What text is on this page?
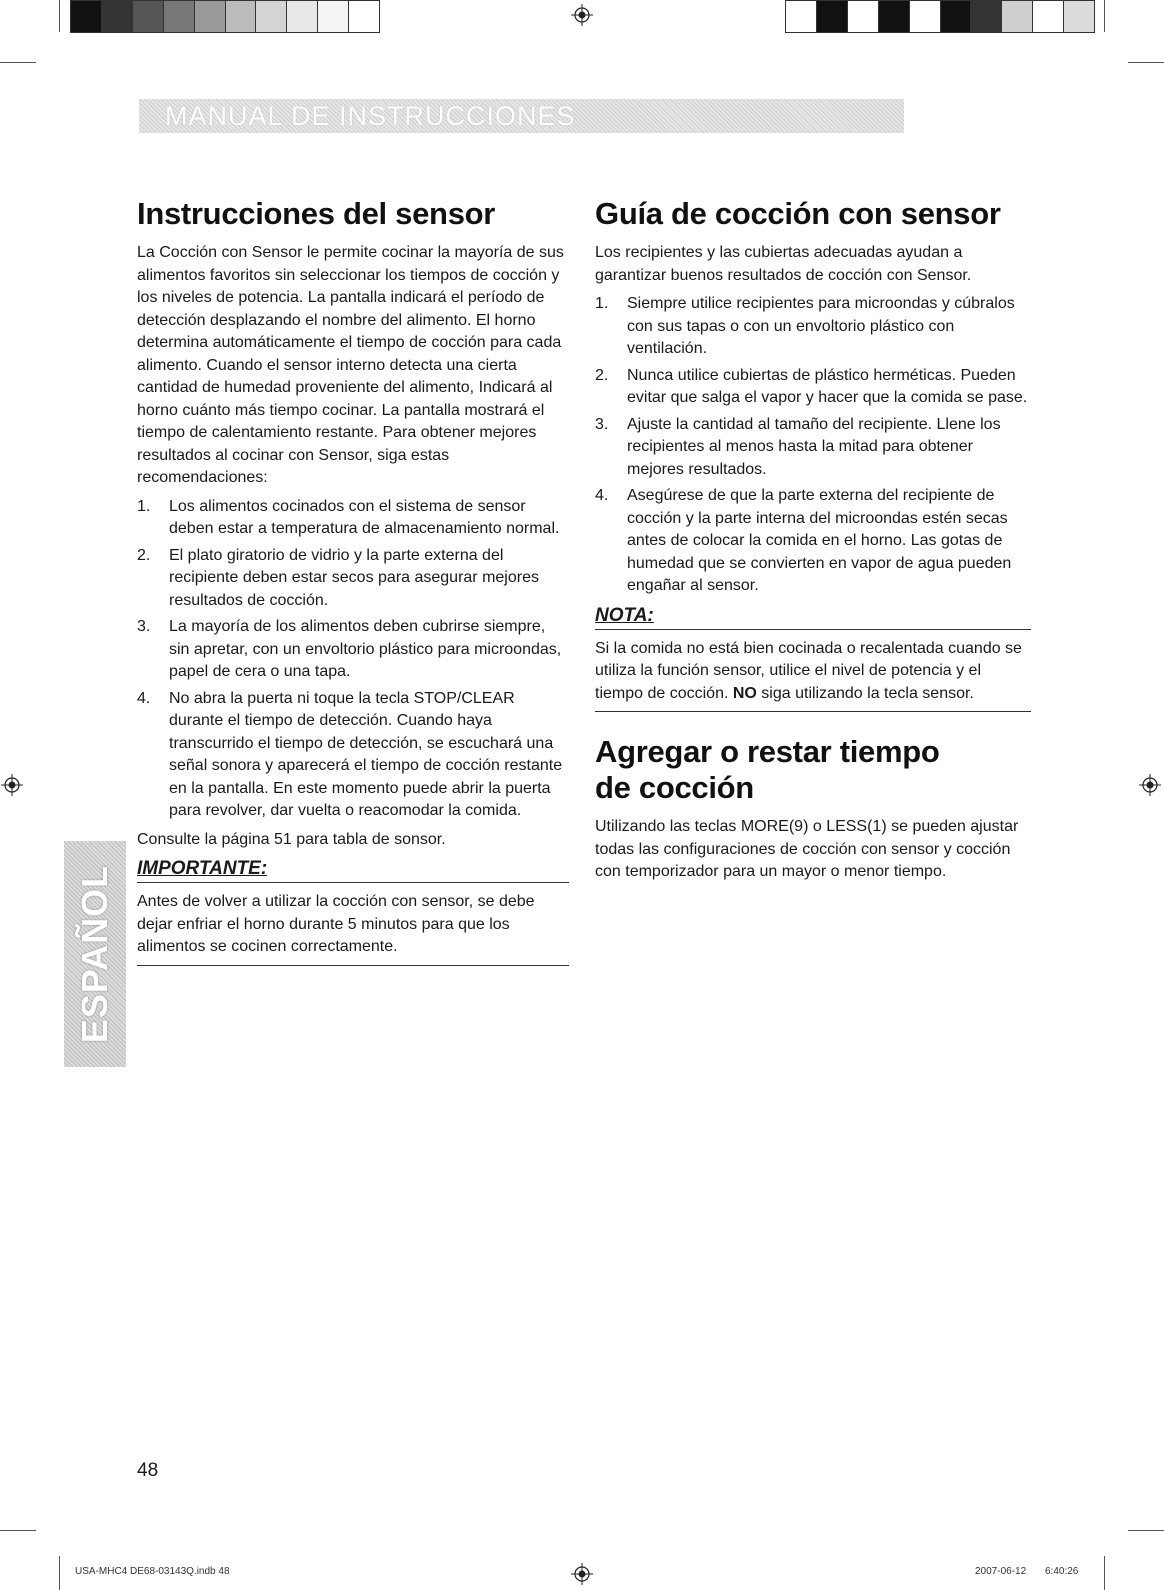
MANUAL DE INSTRUCCIONES
ESPAÑOL
Instrucciones del sensor

La Cocción con Sensor le permite cocinar la mayoría de sus alimentos favoritos sin seleccionar los tiempos de cocción y los niveles de potencia. La pantalla indicará el período de detección desplazando el nombre del alimento. El horno determina automáticamente el tiempo de cocción para cada alimento. Cuando el sensor interno detecta una cierta cantidad de humedad proveniente del alimento, Indicará al horno cuánto más tiempo cocinar. La pantalla mostrará el tiempo de calentamiento restante. Para obtener mejores resultados al cocinar con Sensor, siga estas recomendaciones:

1.	Los alimentos cocinados con el sistema de sensor deben estar a temperatura de almacenamiento normal.
2.	El plato giratorio de vidrio y la parte externa del recipiente deben estar secos para asegurar mejores resultados de cocción.
3.	La mayoría de los alimentos deben cubrirse siempre, sin apretar, con un envoltorio plástico para microondas, papel de cera o una tapa.
4.	No abra la puerta ni toque la tecla STOP/CLEAR durante el tiempo de detección. Cuando haya transcurrido el tiempo de detección, se escuchará una señal sonora y aparecerá el tiempo de cocción restante en la pantalla. En este momento puede abrir la puerta para revolver, dar vuelta o reacomodar la comida.

Consulte la página 51 para tabla de sonsor.

IMPORTANTE:

Antes de volver a utilizar la cocción con sensor, se debe dejar enfriar el horno durante 5 minutos para que los alimentos se cocinen correctamente.

Guía de cocción con sensor

Los recipientes y las cubiertas adecuadas ayudan a garantizar buenos resultados de cocción con Sensor.

1.	Siempre utilice recipientes para microondas y cúbralos con sus tapas o con un envoltorio plástico con ventilación.
2.	Nunca utilice cubiertas de plástico herméticas. Pueden evitar que salga el vapor y hacer que la comida se pase.
3.	Ajuste la cantidad al tamaño del recipiente. Llene los recipientes al menos hasta la mitad para obtener mejores resultados.
4.	Asegúrese de que la parte externa del recipiente de cocción y la parte interna del microondas estén secas antes de colocar la comida en el horno. Las gotas de humedad que se convierten en vapor de agua pueden engañar al sensor.
NOTA:

Si la comida no está bien cocinada o recalentada cuando se utiliza la función sensor, utilice el nivel de potencia y el tiempo de cocción. NO siga utilizando la tecla sensor.

Agregar o restar tiempo de cocción

Utilizando las teclas MORE(9) o LESS(1) se pueden ajustar todas las configuraciones de cocción con sensor y cocción con temporizador para un mayor o menor tiempo.

48
USA-MHC4 DE68-03143Q.indb 48	2007-06-12 6:40:26
